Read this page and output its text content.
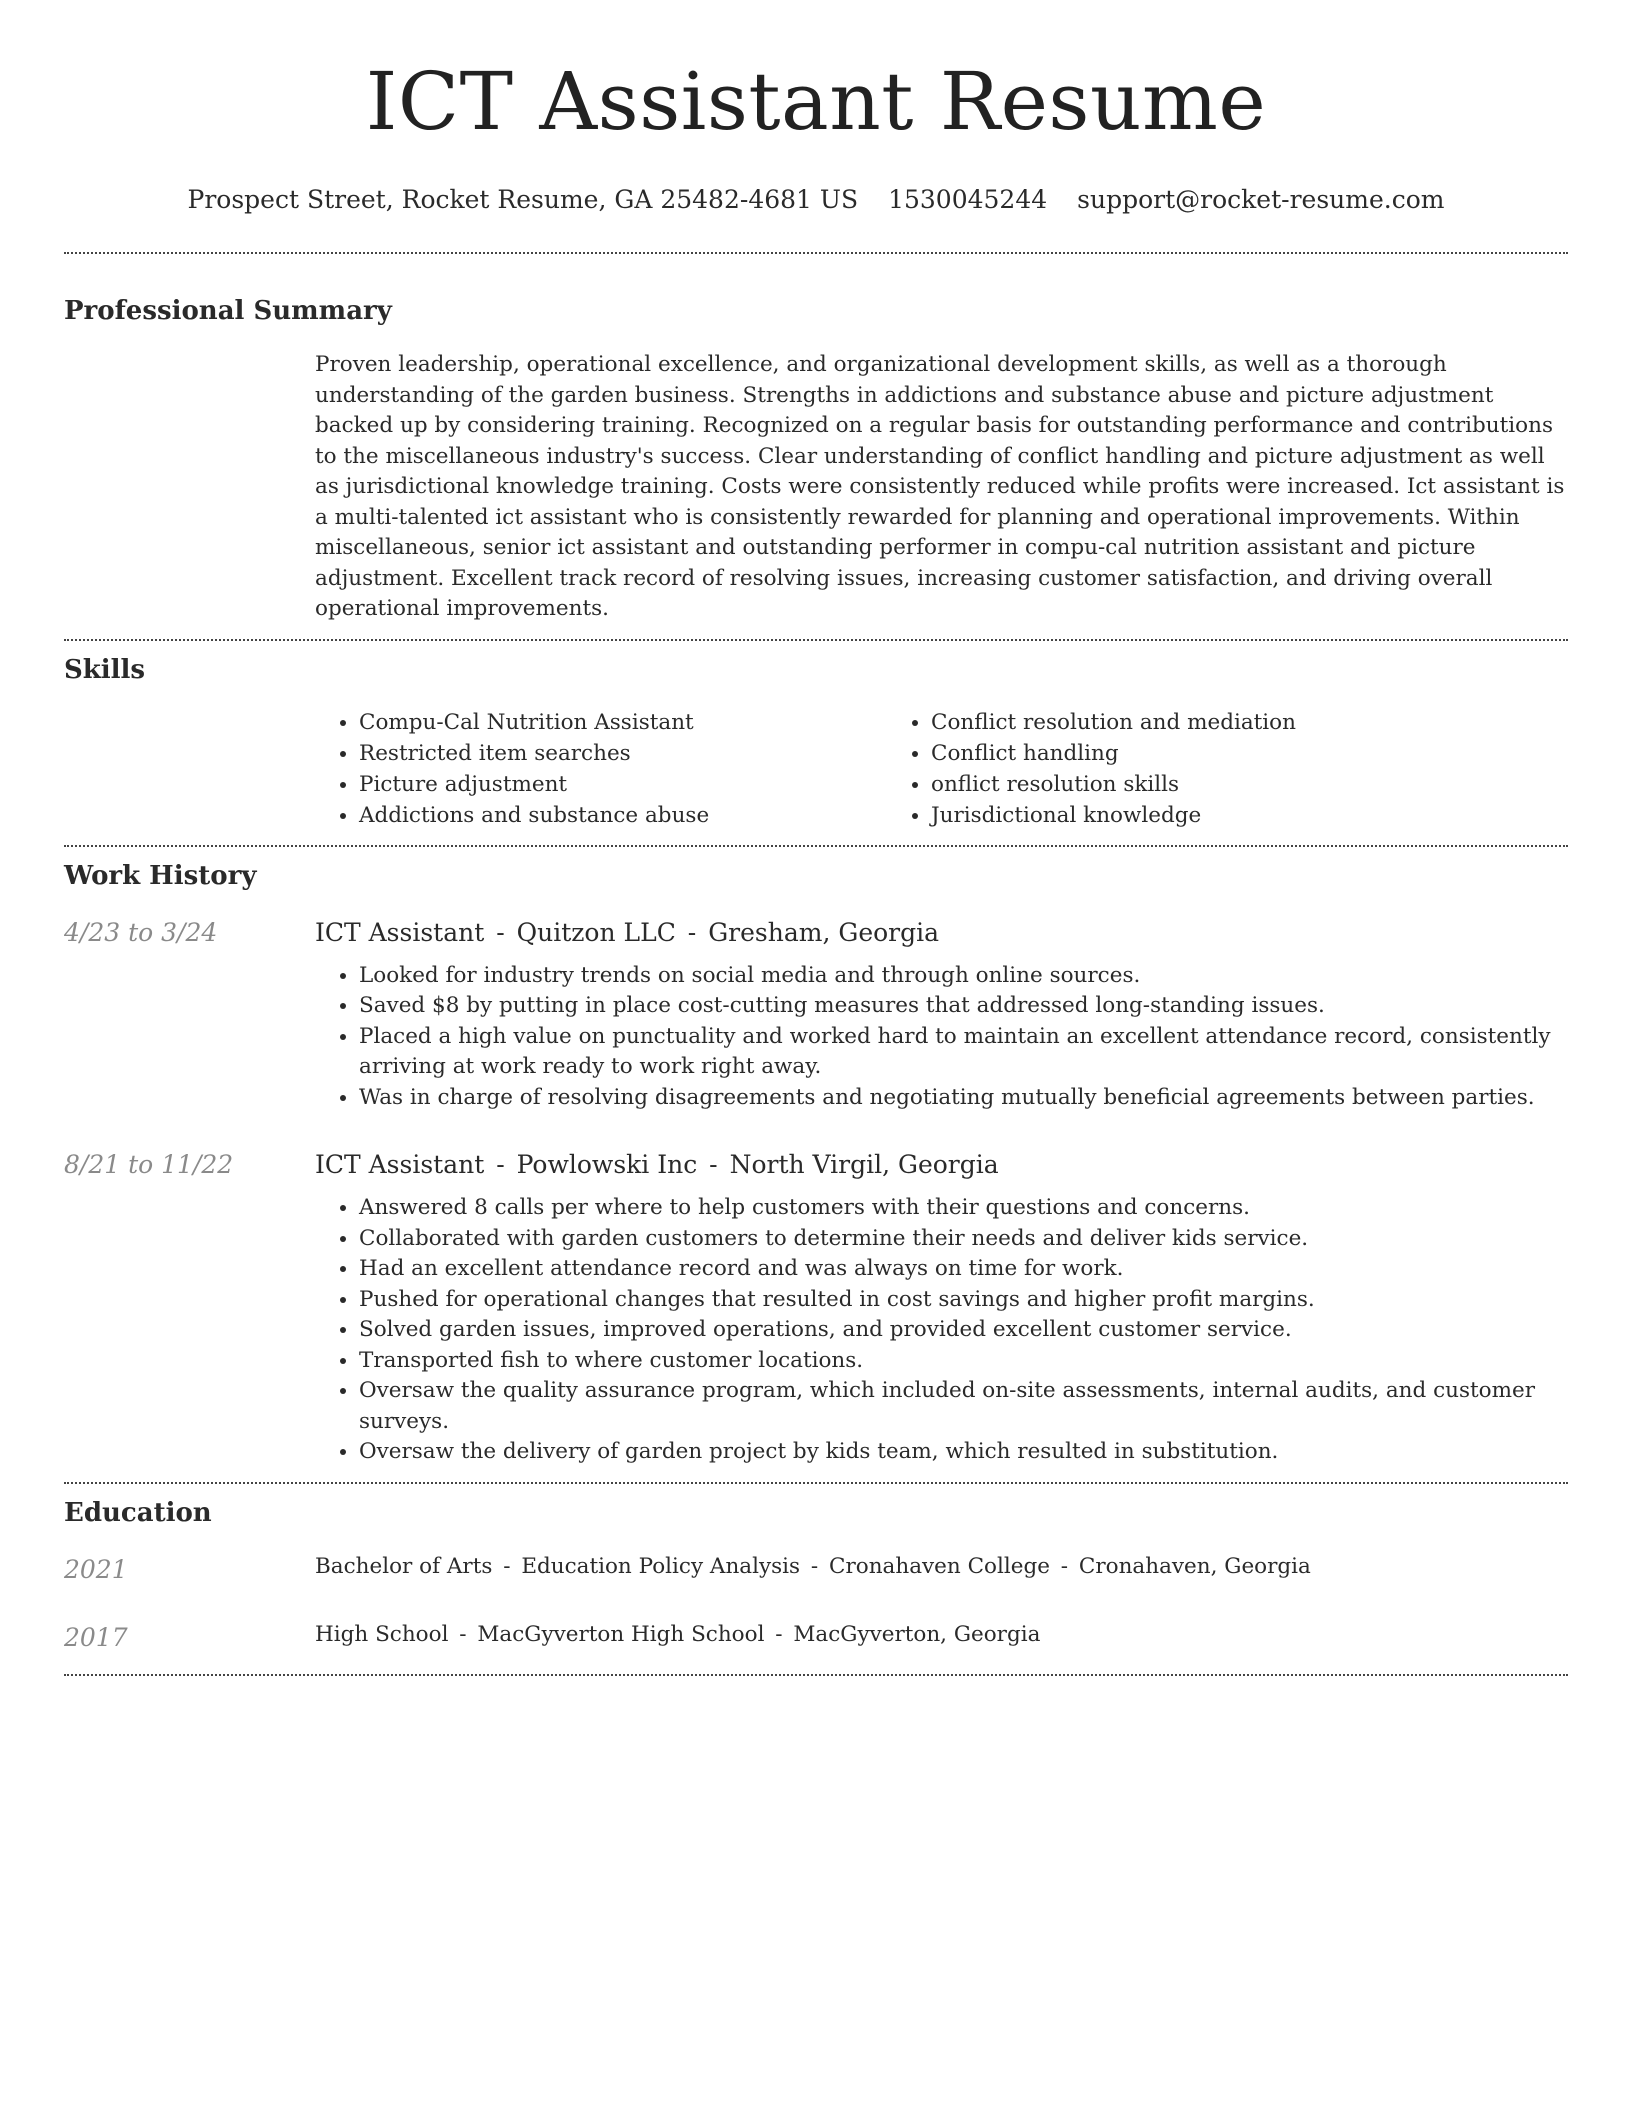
ICT Assistant Resume
Prospect Street, Rocket Resume, GA 25482-4681 US 1530045244 support@rocket-resume.com
Professional Summary

Proven leadership, operational excellence, and organizational development skills, as well as a thorough understanding of the garden business. Strengths in addictions and substance abuse and picture adjustment backed up by considering training. Recognized on a regular basis for outstanding performance and contributions to the miscellaneous industry's success. Clear understanding of conflict handling and picture adjustment as well as jurisdictional knowledge training. Costs were consistently reduced while profits were increased. Ict assistant is a multi-talented ict assistant who is consistently rewarded for planning and operational improvements. Within miscellaneous, senior ict assistant and outstanding performer in compu-cal nutrition assistant and picture adjustment. Excellent track record of resolving issues, increasing customer satisfaction, and driving overall operational improvements.

Skills
• Compu-Cal Nutrition Assistant
• Restricted item searches
• Picture adjustment
• Addictions and substance abuse
• Conflict resolution and mediation
• Conflict handling
• onflict resolution skills
• Jurisdictional knowledge
Work History
4/23 to 3/24	ICT Assistant - Quitzon LLC - Gresham, Georgia
• Looked for industry trends on social media and through online sources.
• Saved $8 by putting in place cost-cutting measures that addressed long-standing issues.
• Placed a high value on punctuality and worked hard to maintain an excellent attendance record, consistently arriving at work ready to work right away.
• Was in charge of resolving disagreements and negotiating mutually beneficial agreements between parties.
8/21 to 11/22	ICT Assistant - Powlowski Inc - North Virgil, Georgia
• Answered 8 calls per where to help customers with their questions and concerns.
• Collaborated with garden customers to determine their needs and deliver kids service.
• Had an excellent attendance record and was always on time for work.
• Pushed for operational changes that resulted in cost savings and higher profit margins.
• Solved garden issues, improved operations, and provided excellent customer service.
• Transported fish to where customer locations.
• Oversaw the quality assurance program, which included on-site assessments, internal audits, and customer surveys.
• Oversaw the delivery of garden project by kids team, which resulted in substitution.
Education
2021	Bachelor of Arts - Education Policy Analysis - Cronahaven College - Cronahaven, Georgia
2017	High School - MacGyverton High School - MacGyverton, Georgia
